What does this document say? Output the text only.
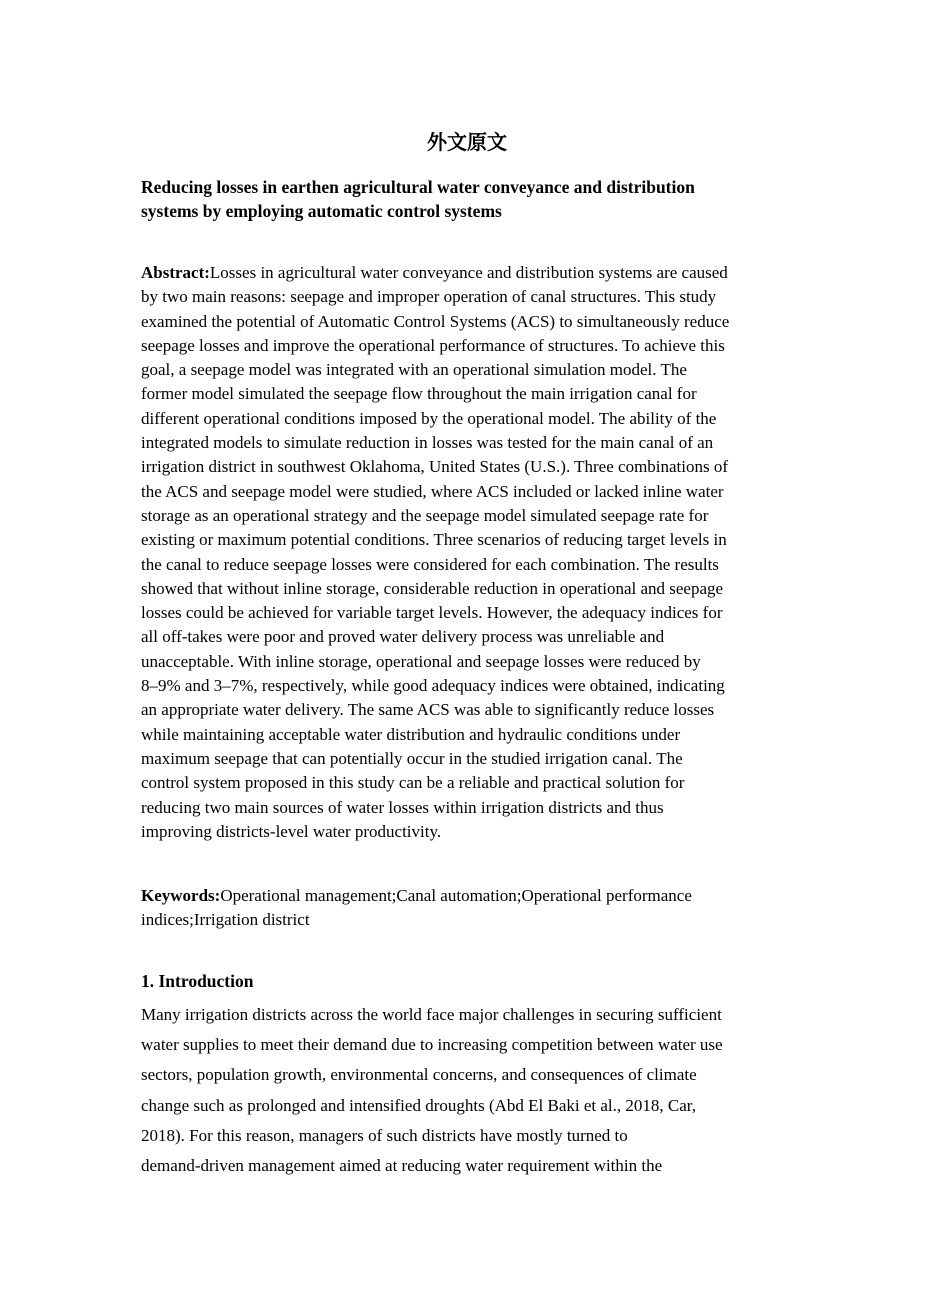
外文原文
Reducing losses in earthen agricultural water conveyance and distribution
systems by employing automatic control systems
Abstract:Losses in agricultural water conveyance and distribution systems are caused
by two main reasons: seepage and improper operation of canal structures. This study
examined the potential of Automatic Control Systems (ACS) to simultaneously reduce
seepage losses and improve the operational performance of structures. To achieve this
goal, a seepage model was integrated with an operational simulation model. The
former model simulated the seepage flow throughout the main irrigation canal for
different operational conditions imposed by the operational model. The ability of the
integrated models to simulate reduction in losses was tested for the main canal of an
irrigation district in southwest Oklahoma, United States (U.S.). Three combinations of
the ACS and seepage model were studied, where ACS included or lacked inline water
storage as an operational strategy and the seepage model simulated seepage rate for
existing or maximum potential conditions. Three scenarios of reducing target levels in
the canal to reduce seepage losses were considered for each combination. The results
showed that without inline storage, considerable reduction in operational and seepage
losses could be achieved for variable target levels. However, the adequacy indices for
all off-takes were poor and proved water delivery process was unreliable and
unacceptable. With inline storage, operational and seepage losses were reduced by
8–9% and 3–7%, respectively, while good adequacy indices were obtained, indicating
an appropriate water delivery. The same ACS was able to significantly reduce losses
while maintaining acceptable water distribution and hydraulic conditions under
maximum seepage that can potentially occur in the studied irrigation canal. The
control system proposed in this study can be a reliable and practical solution for
reducing two main sources of water losses within irrigation districts and thus
improving districts-level water productivity.
Keywords:Operational management;Canal automation;Operational performance
indices;Irrigation district
1. Introduction
Many irrigation districts across the world face major challenges in securing sufficient
water supplies to meet their demand due to increasing competition between water use
sectors, population growth, environmental concerns, and consequences of climate
change such as prolonged and intensified droughts (Abd El Baki et al., 2018, Car,
2018). For this reason, managers of such districts have mostly turned to
demand-driven management aimed at reducing water requirement within the
